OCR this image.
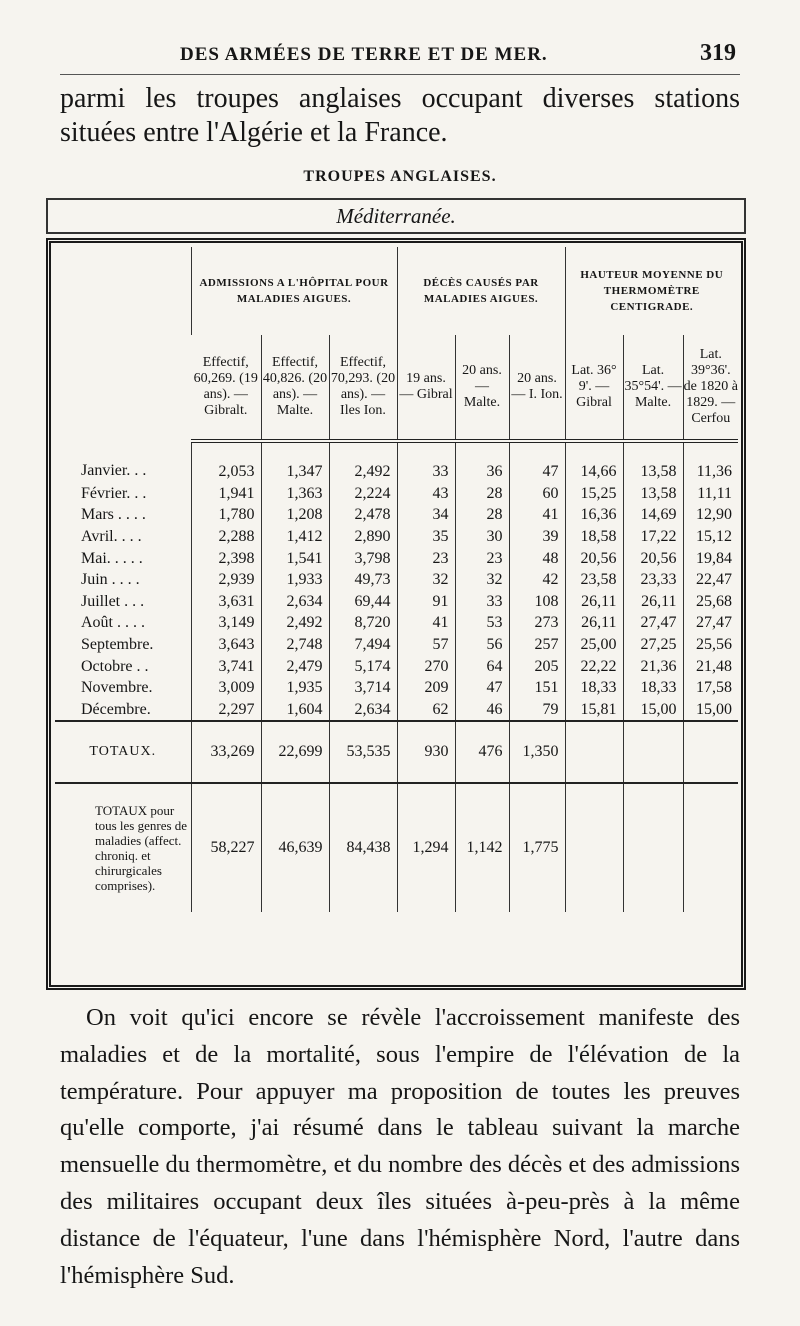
DES ARMÉES DE TERRE ET DE MER.	319
parmi les troupes anglaises occupant diverses stations situées entre l'Algérie et la France.
TROUPES ANGLAISES.
Méditerranée.
	ADMISSIONS A L'HÔPITAL POUR MALADIES AIGUES.			DÉCÈS CAUSÉS PAR MALADIES AIGUES.			HAUTEUR MOYENNE DU THERMOMÈTRE CENTIGRADE.		
	Effectif, 60,269. (19 ans). — Gibralt.	Effectif, 40,826. (20 ans). — Malte.	Effectif, 70,293. (20 ans). — Iles Ion.	19 ans. — Gibral	20 ans. — Malte.	20 ans. — I. Ion.	Lat. 36° 9'. — Gibral	Lat. 35°54'. — Malte.	Lat. 39°36'. de 1820 à 1829. — Cerfou
Janvier. . .	2,053	1,347	2,492	33	36	47	14,66	13,58	11,36
Février. . .	1,941	1,363	2,224	43	28	60	15,25	13,58	11,11
Mars . . . .	1,780	1,208	2,478	34	28	41	16,36	14,69	12,90
Avril. . . .	2,288	1,412	2,890	35	30	39	18,58	17,22	15,12
Mai. . . . .	2,398	1,541	3,798	23	23	48	20,56	20,56	19,84
Juin . . . .	2,939	1,933	49,73	32	32	42	23,58	23,33	22,47
Juillet . . .	3,631	2,634	69,44	91	33	108	26,11	26,11	25,68
Août . . . .	3,149	2,492	8,720	41	53	273	26,11	27,47	27,47
Septembre.	3,643	2,748	7,494	57	56	257	25,00	27,25	25,56
Octobre . .	3,741	2,479	5,174	270	64	205	22,22	21,36	21,48
Novembre.	3,009	1,935	3,714	209	47	151	18,33	18,33	17,58
Décembre.	2,297	1,604	2,634	62	46	79	15,81	15,00	15,00
TOTAUX.	33,269	22,699	53,535	930	476	1,350			
TOTAUX pour tous les genres de maladies (affect. chroniq. et chirurgicales comprises).	58,227	46,639	84,438	1,294	1,142	1,775			

On voit qu'ici encore se révèle l'accroissement manifeste des maladies et de la mortalité, sous l'empire de l'élévation de la température. Pour appuyer ma proposition de toutes les preuves qu'elle comporte, j'ai résumé dans le tableau suivant la marche mensuelle du thermomètre, et du nombre des décès et des admissions des militaires occupant deux îles situées à-peu-près à la même distance de l'équateur, l'une dans l'hémisphère Nord, l'autre dans l'hémisphère Sud.
